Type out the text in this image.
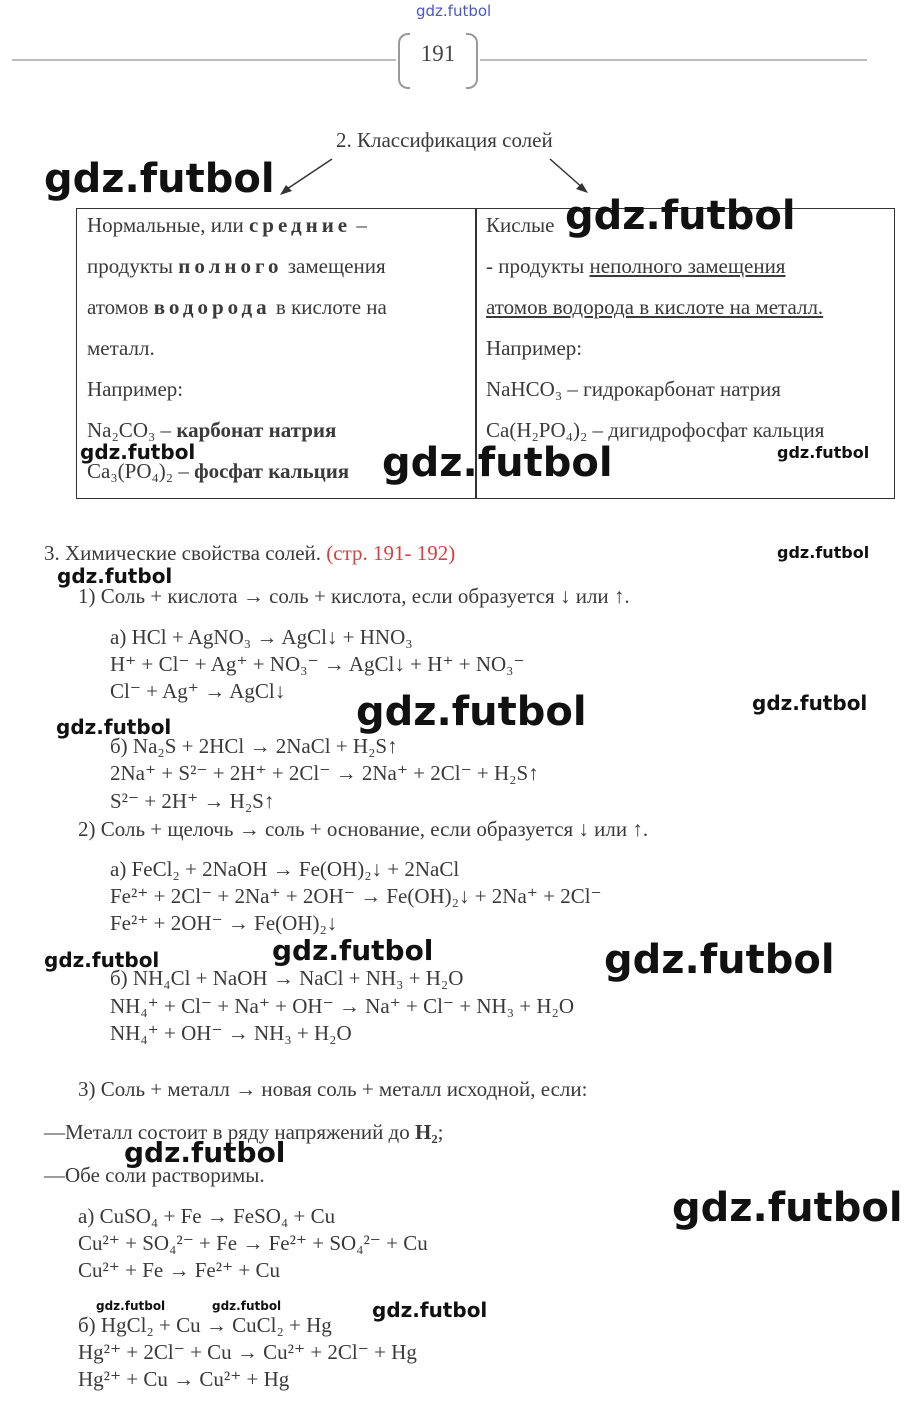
gdz.futbol
191
2. Классификация солей
Нормальные, или средние –
продукты полного замещения
атомов водорода в кислоте на
металл.
Например:
Na₂CO₃ – карбонат натрия
Ca₃(PO₄)₂ – фосфат кальция
Кислые
- продукты неполного замещения
атомов водорода в кислоте на металл.
Например:
NaHCO₃ – гидрокарбонат натрия
Ca(H₂PO₄)₂ – дигидрофосфат кальция
3. Химические свойства солей. (стр. 191- 192)
1) Соль + кислота → соль + кислота, если образуется ↓ или ↑.
а) HCl + AgNO₃ → AgCl↓ + HNO₃
H⁺ + Cl⁻ + Ag⁺ + NO₃⁻ → AgCl↓ + H⁺ + NO₃⁻
Cl⁻ + Ag⁺ → AgCl↓
б) Na₂S + 2HCl → 2NaCl + H₂S↑
2Na⁺ + S²⁻ + 2H⁺ + 2Cl⁻ → 2Na⁺ + 2Cl⁻ + H₂S↑
S²⁻ + 2H⁺ → H₂S↑
2) Соль + щелочь → соль + основание, если образуется ↓ или ↑.
а) FeCl₂ + 2NaOH → Fe(OH)₂↓ + 2NaCl
Fe²⁺ + 2Cl⁻ + 2Na⁺ + 2OH⁻ → Fe(OH)₂↓ + 2Na⁺ + 2Cl⁻
Fe²⁺ + 2OH⁻ → Fe(OH)₂↓
б) NH₄Cl + NaOH → NaCl + NH₃ + H₂O
NH₄⁺ + Cl⁻ + Na⁺ + OH⁻ → Na⁺ + Cl⁻ + NH₃ + H₂O
NH₄⁺ + OH⁻ → NH₃ + H₂O
3) Соль + металл → новая соль + металл исходной, если:
—Металл состоит в ряду напряжений до H₂;
—Обе соли растворимы.
а) CuSO₄ + Fe → FeSO₄ + Cu
Cu²⁺ + SO₄²⁻ + Fe → Fe²⁺ + SO₄²⁻ + Cu
Cu²⁺ + Fe → Fe²⁺ + Cu
б) HgCl₂ + Cu → CuCl₂ + Hg
Hg²⁺ + 2Cl⁻ + Cu → Cu²⁺ + 2Cl⁻ + Hg
Hg²⁺ + Cu → Cu²⁺ + Hg
gdz.futbol
gdz.futbol
gdz.futbol	gdz.futbol	gdz.futbol
gdz.futbol
gdz.futbol
gdz.futbol	gdz.futbol
gdz.futbol
gdz.futbol	gdz.futbol	gdz.futbol
gdz.futbol
gdz.futbol
gdz.futbol	gdz.futbol	gdz.futbol
